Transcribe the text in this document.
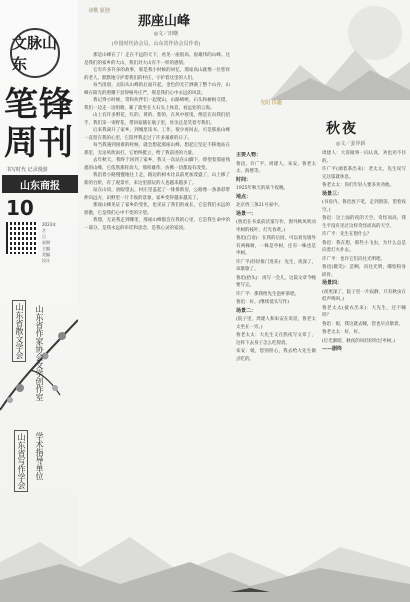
文脉山东
笔锋周刊
书写时代 记录漫游
山东商报
10
2023年
月
日
星期
主编
美编
设计
山东省散文学会 山东省作家协会文学创作室
山东省写作学会 学术指导单位
诗歌 原创
那座山峰
◎文／田曙
(中国时代协会员，山东省作协会员作者)

那是山峰在了！走在不远的天下，看见一座很高、很雄伟的山峰。这是我们的家乡的大山，我们对大山有不一样的感情。

它有许多许多的故事，那是我小时候的回忆，那座高山就像一位慈祥的老人，默默地守护着我们的村庄，守护着这里的人们。

每当清晨，太阳从山峰的后面升起，金色的光芒洒满了整个山谷，山峰在阳光的照耀下显得格外庄严，那是我们心中永远的风景。

我记得小时候，常和伙伴们一起爬山，山路崎岖，石头和树根交错，我们一边走一边唱歌，累了就坐在大石头上休息，看远处的云海。

山上有许多野花，红的、黄的、紫的，在风中摇曳，像是在向我们招手，我们采一束野花，带回家插在瓶子里，母亲总是笑着夸我们。

后来我离开了家乡，到城里读书、工作，很少再回去，可是那座山峰一直留在我的心里，它陪伴我走过了许多艰难的日子。

每当我遇到困难的时候，就会想起那座山峰，想起它坚定不移地站在那里，无论风吹雨打，它始终挺立，给了我前进的力量。

去年秋天，我终于回到了家乡，我又一次站在山脚下，仰望着那座熟悉的山峰，它依然那样高大，那样雄伟，仿佛一切都没有改变。

我沿着小路慢慢地往上走，路边的树木比以前更加茂盛了，山上修了新的台阶，有了观景亭，来这里游玩的人也越来越多了。

站在山顶，放眼望去，村庄里盖起了一排排新房，公路像一条条彩带伸向远方，田野里一片丰收的景象，家乡变得越来越美了。

那座山峰见证了家乡的变化，也见证了我们的成长，它是我们永远的骄傲，它是我们心中不变的守望。

我想，无论我走到哪里，那座山峰都会在我的心里，它是我生命中的一部分，是我永远的牵挂和思念，是我心灵的家园。

光阴 拾趣
秋夜
◎文／姜异新

主要人物：

鲁迅、许广平、周建人、朱安、鲁老太太、海婴等。

时间：

1925年秋天的某个夜晚。

地点：

北京西三条21号家中。

场景一：

(鲁迅在书桌前伏案写作，窗外秋风吹动枣树的枝叶，灯光昏黄。)

鲁迅(自语)：在我的后园，可以看见墙外有两株树，一株是枣树，还有一株也是枣树。

许广平(轻轻推门进来)：先生，夜深了，该歇歇了。

鲁迅(抬头)：再写一会儿，这篇文章今晚要写完。

许广平：那我给先生泡杯茶吧。

鲁迅：好。(继续低头写作)

场景二：

(院子里，周建人和朱安在说话，鲁老太太坐在一旁。)

鲁老太太：大先生又在熬夜写文章了，这样下去身子怎么吃得消。

朱安：娘，您别担心，我去给大先生做点吃的。

周建人：大哥做事一向认真，劝也劝不住的。

许广平(端着茶出来)：老太太，先生说写完这篇就休息。

鲁老太太：你们年轻人要多劝劝他。

场景三：

(书房内，鲁迅放下笔，走到窗前，望着夜空。)

鲁迅：这上面的夜的天空，奇怪而高，我生平没有见过这样奇怪而高的天空。

许广平：先生在想什么？

鲁迅：我在想，那些小飞虫，为什么总是向着灯火扑去。

许广平：也许它们向往光明吧。

鲁迅(微笑)：是啊，向往光明，哪怕粉身碎骨。

场景四：

(夜更深了，院子里一片寂静，只有秋虫在低声鸣叫。)

鲁老太太(披衣出来)：大先生，还不睡吗？

鲁迅：娘，我这就去睡，您也早点歇着。

鲁老太太：好，好。

(灯光渐暗，秋夜的风轻轻吹过枣树。)

——剧终
